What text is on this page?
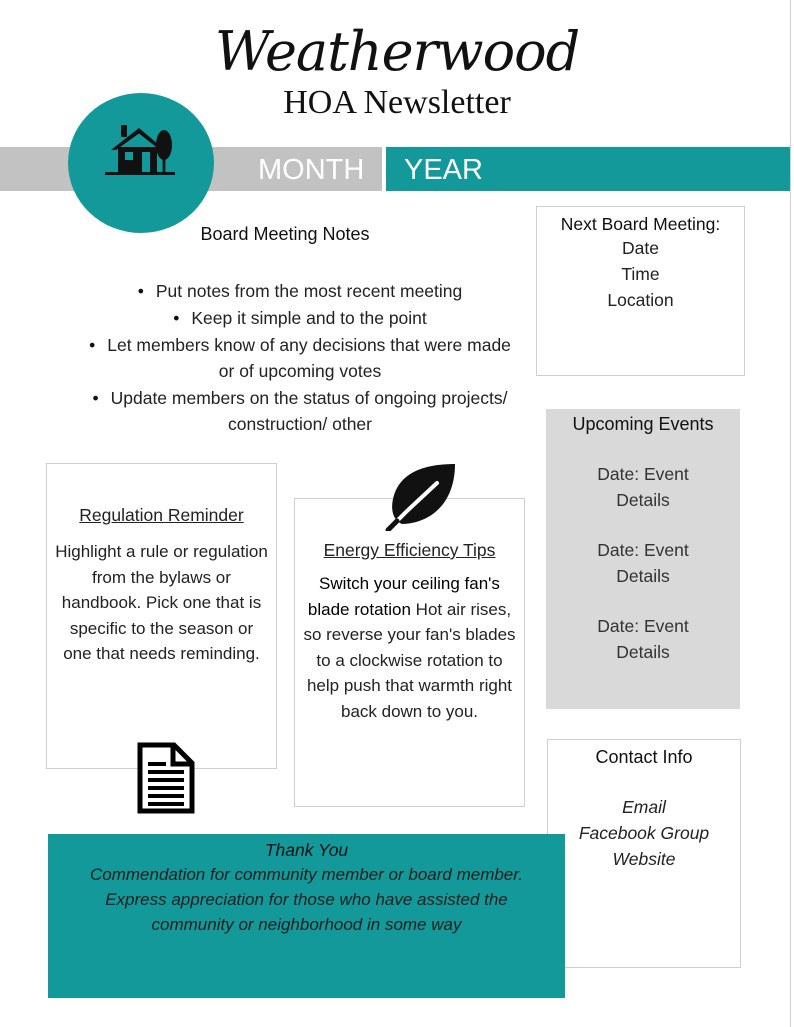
Weatherwood
HOA Newsletter
MONTH YEAR
Board Meeting Notes
• Put notes from the most recent meeting
• Keep it simple and to the point
• Let members know of any decisions that were made or of upcoming votes
• Update members on the status of ongoing projects/ construction/ other
Next Board Meeting:
Date
Time
Location
Upcoming Events
Date: Event
Details
Date: Event
Details
Date: Event
Details
Regulation Reminder
Highlight a rule or regulation from the bylaws or handbook. Pick one that is specific to the season or one that needs reminding.
Energy Efficiency Tips
Switch your ceiling fan's blade rotation Hot air rises, so reverse your fan's blades to a clockwise rotation to help push that warmth right back down to you.
Contact Info
Email
Facebook Group
Website
Thank You
Commendation for community member or board member. Express appreciation for those who have assisted the community or neighborhood in some way
